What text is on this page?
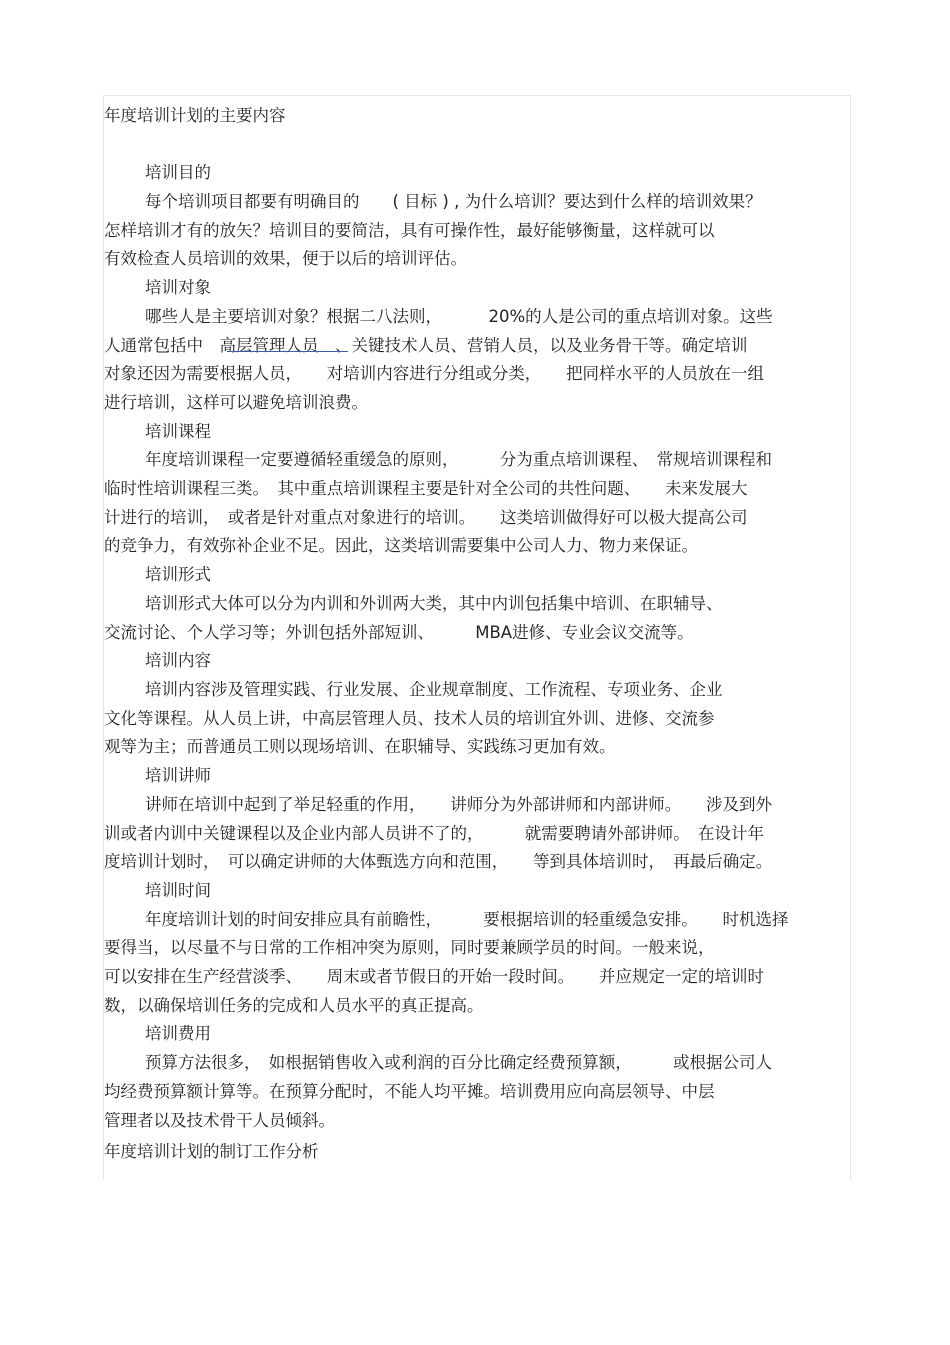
年度培训计划的主要内容
培训目的
每个培训项目都要有明确目的　　( 目标 ) , 为什么培训？要达到什么样的培训效果？
怎样培训才有的放矢？培训目的要简洁，具有可操作性，最好能够衡量，这样就可以
有效检查人员培训的效果，便于以后的培训评估。
培训对象
哪些人是主要培训对象？根据二八法则，　　　 20%的人是公司的重点培训对象。这些
人通常包括中　高层管理人员　、关键技术人员、营销人员，以及业务骨干等。确定培训
对象还因为需要根据人员，　　对培训内容进行分组或分类，　　把同样水平的人员放在一组
进行培训，这样可以避免培训浪费。
培训课程
年度培训课程一定要遵循轻重缓急的原则，　　　分为重点培训课程、　常规培训课程和
临时性培训课程三类。　其中重点培训课程主要是针对全公司的共性问题、　　未来发展大
计进行的培训，　或者是针对重点对象进行的培训。　　这类培训做得好可以极大提高公司
的竞争力，有效弥补企业不足。因此，这类培训需要集中公司人力、物力来保证。
培训形式
培训形式大体可以分为内训和外训两大类，其中内训包括集中培训、在职辅导、
交流讨论、个人学习等；外训包括外部短训、　　　MBA进修、专业会议交流等。
培训内容
培训内容涉及管理实践、行业发展、企业规章制度、工作流程、专项业务、企业
文化等课程。从人员上讲，中高层管理人员、技术人员的培训宜外训、进修、交流参
观等为主；而普通员工则以现场培训、在职辅导、实践练习更加有效。
培训讲师
讲师在培训中起到了举足轻重的作用，　　讲师分为外部讲师和内部讲师。　　涉及到外
训或者内训中关键课程以及企业内部人员讲不了的，　　　就需要聘请外部讲师。　在设计年
度培训计划时，　可以确定讲师的大体甄选方向和范围，　　等到具体培训时，　再最后确定。
培训时间
年度培训计划的时间安排应具有前瞻性，　　　要根据培训的轻重缓急安排。　　时机选择
要得当，以尽量不与日常的工作相冲突为原则，同时要兼顾学员的时间。一般来说，
可以安排在生产经营淡季、　　周末或者节假日的开始一段时间。　　并应规定一定的培训时
数，以确保培训任务的完成和人员水平的真正提高。
培训费用
预算方法很多，　如根据销售收入或利润的百分比确定经费预算额，　　　或根据公司人
均经费预算额计算等。在预算分配时，不能人均平摊。培训费用应向高层领导、中层
管理者以及技术骨干人员倾斜。
年度培训计划的制订工作分析
